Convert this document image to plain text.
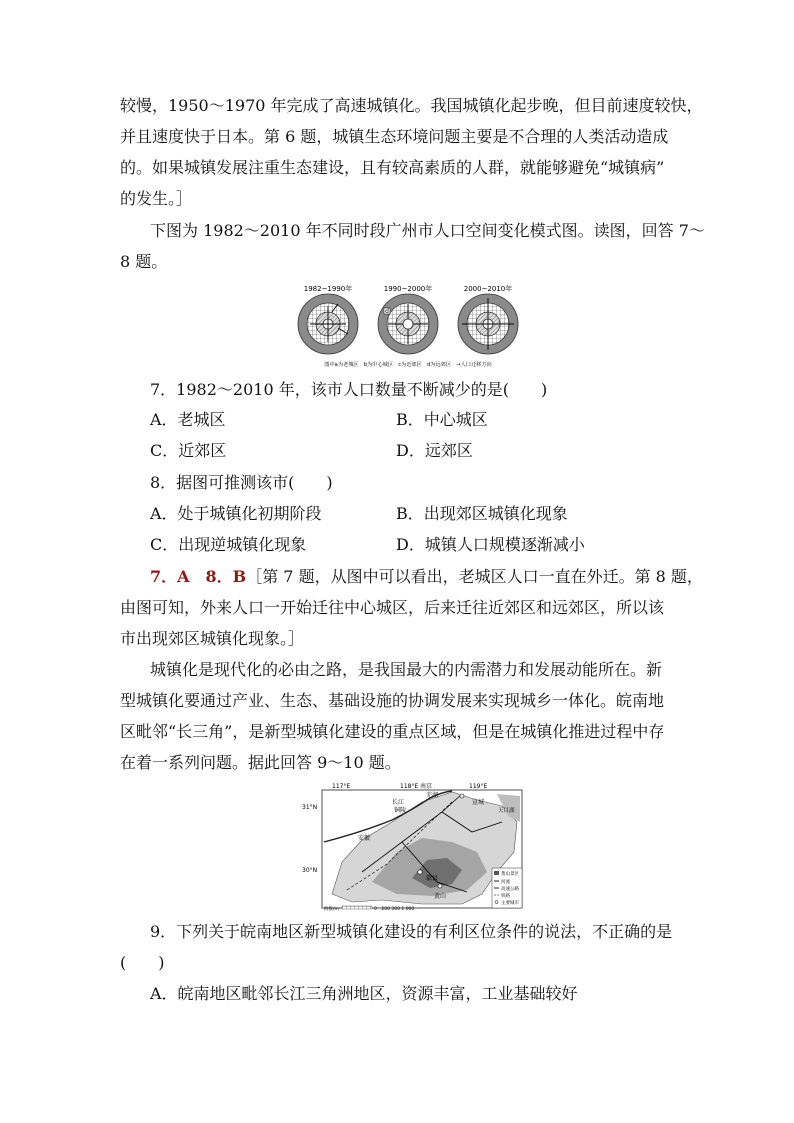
较慢，1950～1970 年完成了高速城镇化。我国城镇化起步晚，但目前速度较快，
并且速度快于日本。第 6 题，城镇生态环境问题主要是不合理的人类活动造成
的。如果城镇发展注重生态建设，且有较高素质的人群，就能够避免“城镇病”
的发生。］
下图为 1982～2010 年不同时段广州市人口空间变化模式图。读图，回答 7～
8 题。
1982~1990年	1990~2000年
d
2000~2010年
图中a为老城区　b为中心城区　c为近郊区　d为远郊区　→人口迁移方向
7．1982～2010 年，该市人口数量不断减少的是(　　)
A．老城区	B．中心城区
C．近郊区	D．远郊区
8．据图可推测该市(　　)
A．处于城镇化初期阶段	B．出现郊区城镇化现象
C．出现逆城镇化现象	D．城镇人口规模逐渐减小
7．A　8．B［第 7 题，从图中可以看出，老城区人口一直在外迁。第 8 题，
由图可知，外来人口一开始迁往中心城区，后来迁往近郊区和远郊区，所以该
市出现郊区城镇化现象。］
城镇化是现代化的必由之路，是我国最大的内需潜力和发展动能所在。新
型城镇化要通过产业、生态、基础设施的协调发展来实现城乡一体化。皖南地
区毗邻“长三角”，是新型城镇化建设的重点区域，但是在城镇化推进过程中存
在着一系列问题。据此回答 9～10 题。
117°E	118°E	119°E
31°N
30°N
南京
长江
芜湖
宣城
天目湖
铜陵
黄山
歙县
安徽
黄山景区
河流
高速公路
铁路
主要城市
海拔/m	0　200 300 1 000
9．下列关于皖南地区新型城镇化建设的有利区位条件的说法，不正确的是
(　　)
A．皖南地区毗邻长江三角洲地区，资源丰富，工业基础较好
